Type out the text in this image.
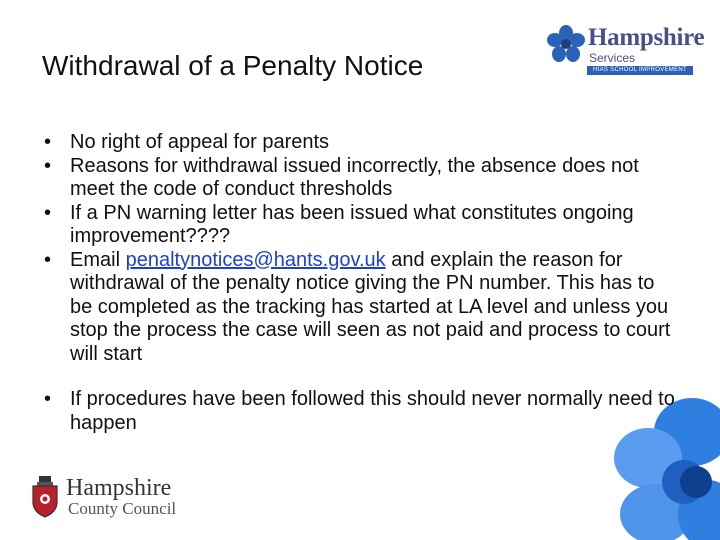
Withdrawal of a Penalty Notice
Hampshire
Services
HIAS SCHOOL IMPROVEMENT
• No right of appeal for parents
• Reasons for withdrawal issued incorrectly, the absence does not meet the code of conduct thresholds
• If a PN warning letter has been issued what constitutes ongoing improvement????
• Email penaltynotices@hants.gov.uk and explain the reason for withdrawal of the penalty notice giving the PN number. This has to be completed as the tracking has started at LA level and unless you stop the process the case will seen as not paid and process to court will start
• If procedures have been followed this should never normally need to happen
Hampshire
County Council
